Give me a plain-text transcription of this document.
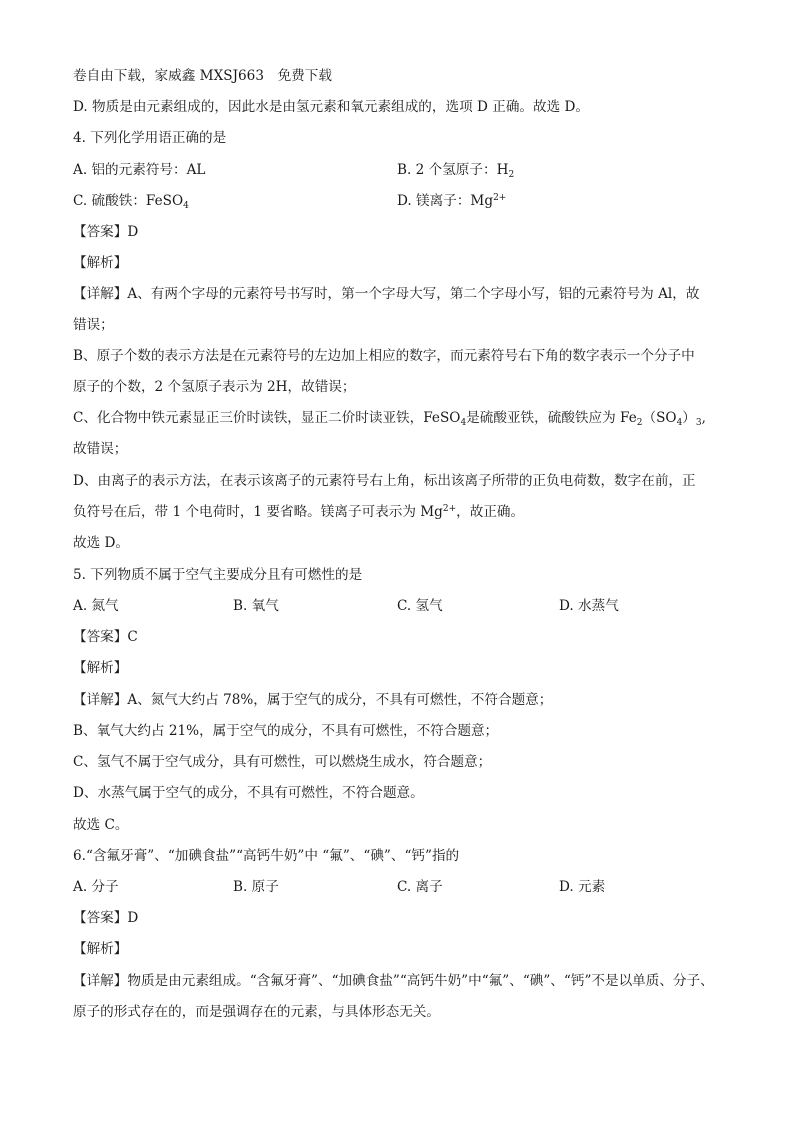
卷自由下载，家威鑫 MXSJ663　免费下载
D. 物质是由元素组成的，因此水是由氢元素和氧元素组成的，选项 D 正确。故选 D。
4. 下列化学用语正确的是
A. 铝的元素符号：AL	B. 2 个氢原子：$H_2$
C. 硫酸铁：FeSO$_4$	D. 镁离子：$Mg^{2+}$
【答案】D
【解析】
【详解】A、有两个字母的元素符号书写时，第一个字母大写，第二个字母小写，铝的元素符号为 Al，故
错误；
B、原子个数的表示方法是在元素符号的左边加上相应的数字，而元素符号右下角的数字表示一个分子中
原子的个数，2 个氢原子表示为 2H，故错误；
C、化合物中铁元素显正三价时读铁，显正二价时读亚铁，FeSO$_4$是硫酸亚铁，硫酸铁应为 $Fe_2(SO_4)_3$,
故错误；
D、由离子的表示方法，在表示该离子的元素符号右上角，标出该离子所带的正负电荷数，数字在前，正
负符号在后，带 1 个电荷时，1 要省略。镁离子可表示为 $Mg^{2+}$，故正确。
故选 D。
5. 下列物质不属于空气主要成分且有可燃性的是
A. 氮气	B. 氧气	C. 氢气	D. 水蒸气
【答案】C
【解析】
【详解】A、氮气大约占 78%，属于空气的成分，不具有可燃性，不符合题意；
B、氧气大约占 21%，属于空气的成分，不具有可燃性，不符合题意；
C、氢气不属于空气成分，具有可燃性，可以燃烧生成水，符合题意；
D、水蒸气属于空气的成分，不具有可燃性，不符合题意。
故选 C。
6.“含氟牙膏”、“加碘食盐”“高钙牛奶”中 “氟”、“碘”、“钙”指的
A. 分子	B. 原子	C. 离子	D. 元素
【答案】D
【解析】
【详解】物质是由元素组成。“含氟牙膏”、“加碘食盐”“高钙牛奶”中“氟”、“碘”、“钙”不是以单质、分子、
原子的形式存在的，而是强调存在的元素，与具体形态无关。
